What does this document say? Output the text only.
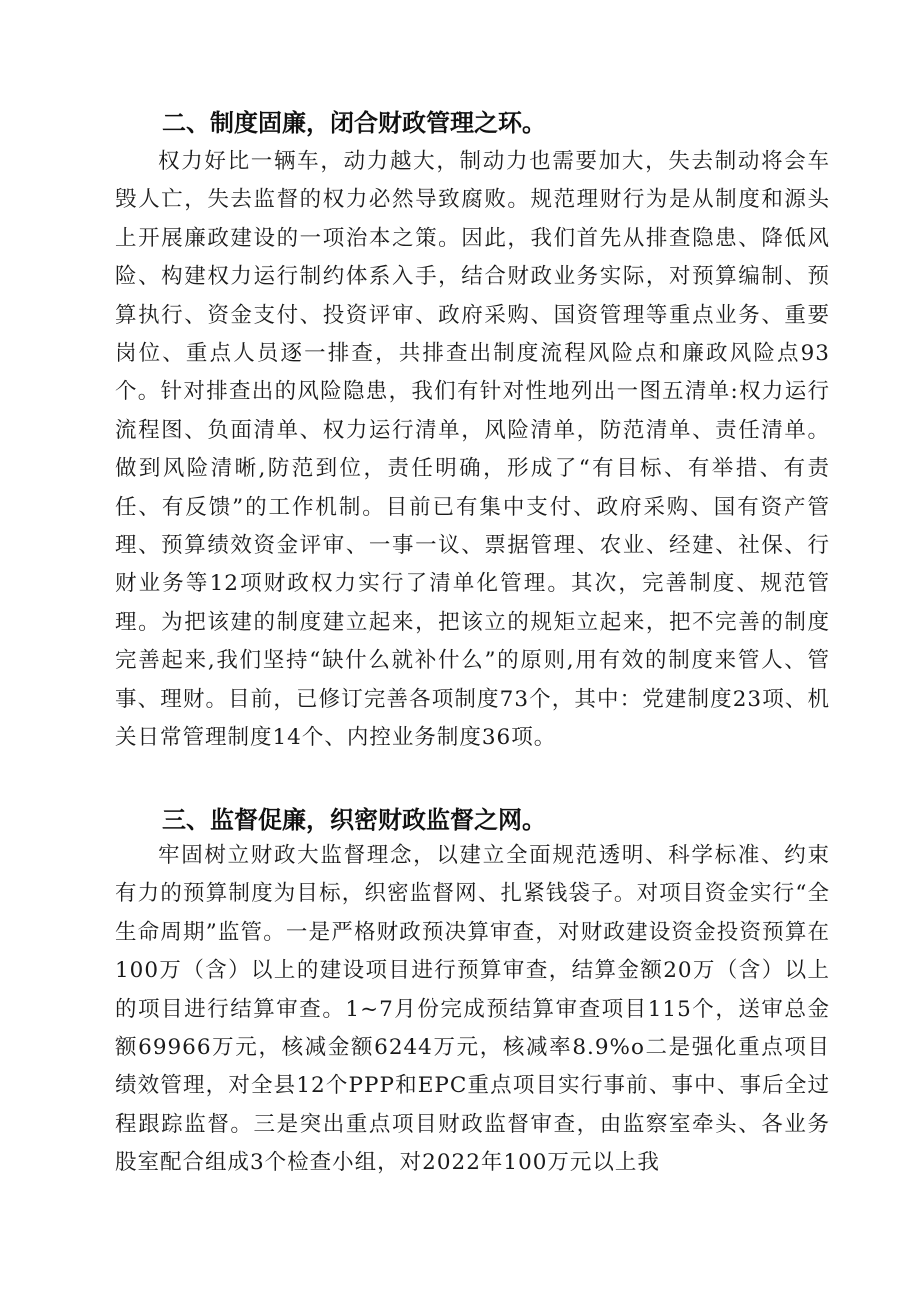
二、制度固廉，闭合财政管理之环。

权力好比一辆车，动力越大，制动力也需要加大，失去制动将会车毁人亡，失去监督的权力必然导致腐败。规范理财行为是从制度和源头上开展廉政建设的一项治本之策。因此，我们首先从排查隐患、降低风险、构建权力运行制约体系入手，结合财政业务实际，对预算编制、预算执行、资金支付、投资评审、政府采购、国资管理等重点业务、重要岗位、重点人员逐一排查，共排查出制度流程风险点和廉政风险点93个。针对排查出的风险隐患，我们有针对性地列出一图五清单:权力运行流程图、负面清单、权力运行清单，风险清单，防范清单、责任清单。做到风险清晰,防范到位，责任明确，形成了“有目标、有举措、有责任、有反馈”的工作机制。目前已有集中支付、政府采购、国有资产管理、预算绩效资金评审、一事一议、票据管理、农业、经建、社保、行财业务等12项财政权力实行了清单化管理。其次，完善制度、规范管理。为把该建的制度建立起来，把该立的规矩立起来，把不完善的制度完善起来,我们坚持“缺什么就补什么”的原则,用有效的制度来管人、管事、理财。目前，已修订完善各项制度73个，其中：党建制度23项、机关日常管理制度14个、内控业务制度36项。

三、监督促廉，织密财政监督之网。

牢固树立财政大监督理念，以建立全面规范透明、科学标准、约束有力的预算制度为目标，织密监督网、扎紧钱袋子。对项目资金实行“全生命周期”监管。一是严格财政预决算审查，对财政建设资金投资预算在100万（含）以上的建设项目进行预算审查，结算金额20万（含）以上的项目进行结算审查。1~7月份完成预结算审查项目115个，送审总金额69966万元，核减金额6244万元，核减率8.9%o二是强化重点项目绩效管理，对全县12个PPP和EPC重点项目实行事前、事中、事后全过程跟踪监督。三是突出重点项目财政监督审查，由监察室牵头、各业务股室配合组成3个检查小组，对2022年100万元以上我
